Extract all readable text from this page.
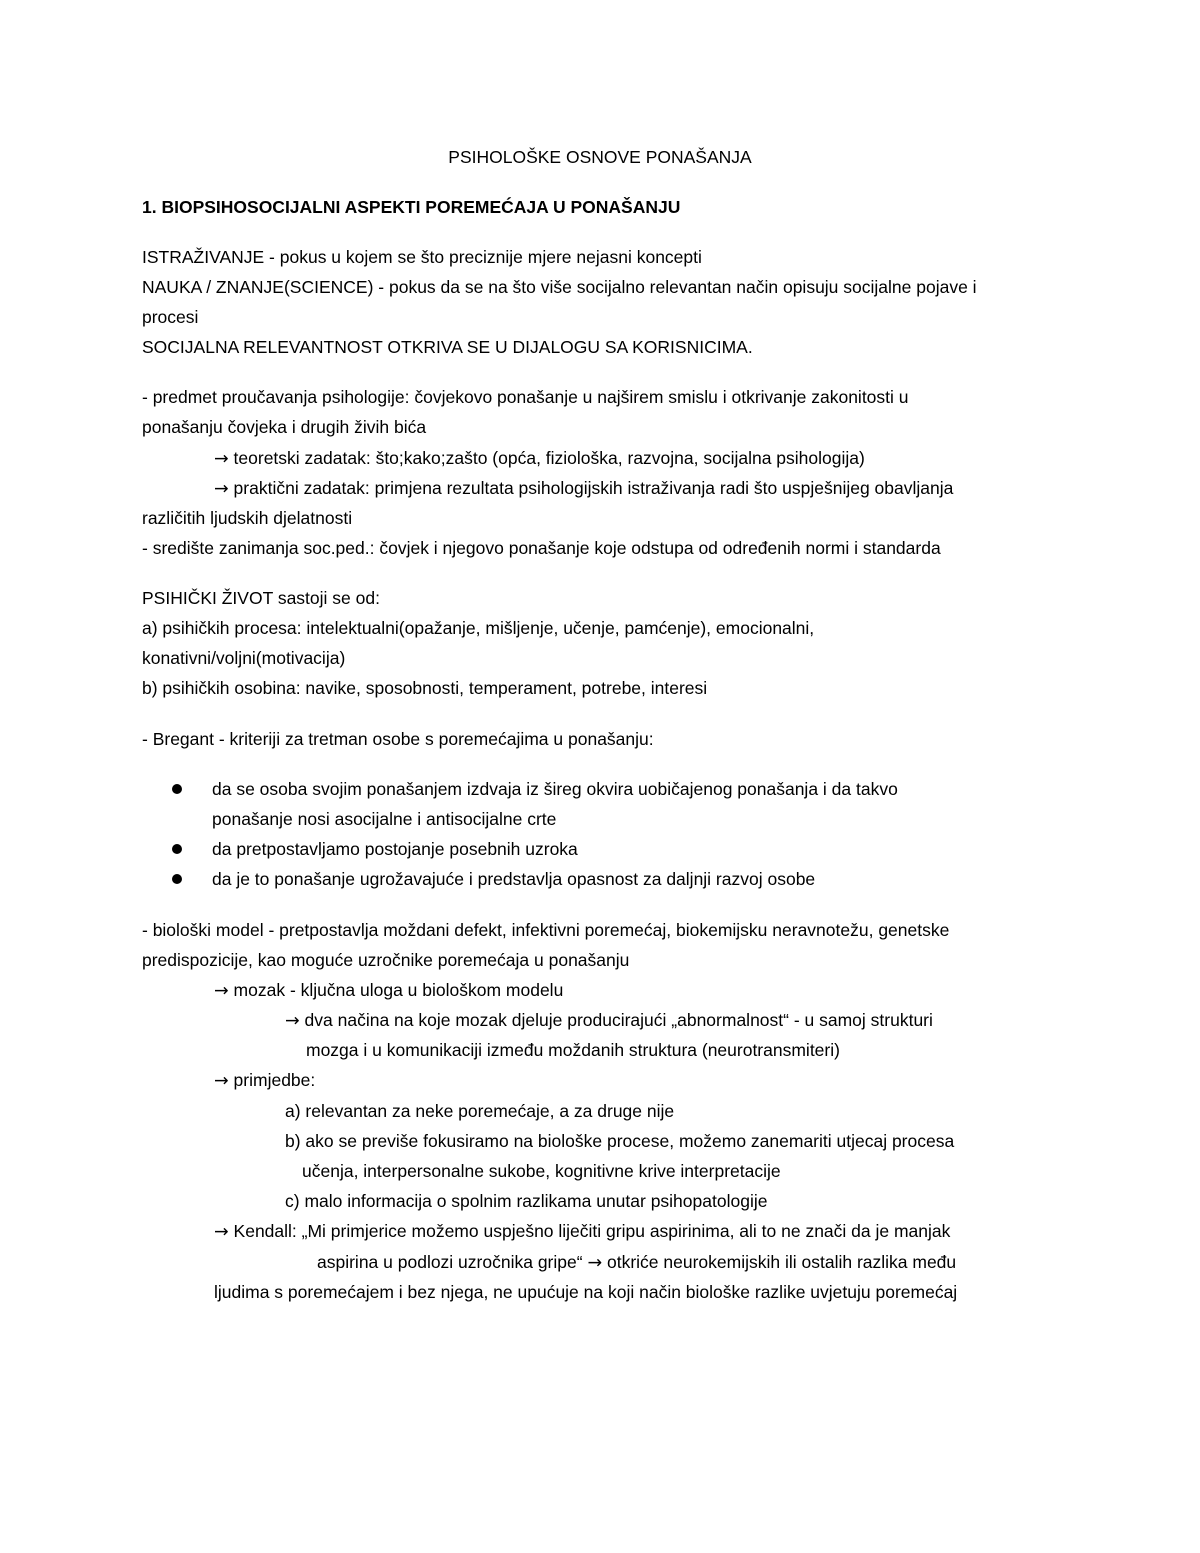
PSIHOLOŠKE OSNOVE PONAŠANJA
1. BIOPSIHOSOCIJALNI ASPEKTI POREMEĆAJA U PONAŠANJU
ISTRAŽIVANJE - pokus u kojem se što preciznije mjere nejasni koncepti
NAUKA / ZNANJE(SCIENCE) - pokus da se na što više socijalno relevantan način opisuju socijalne pojave i
procesi
SOCIJALNA RELEVANTNOST OTKRIVA SE U DIJALOGU SA KORISNICIMA.
- predmet proučavanja psihologije: čovjekovo ponašanje u najširem smislu i otkrivanje zakonitosti u
ponašanju čovjeka i drugih živih bića
→ teoretski zadatak: što;kako;zašto (opća, fiziološka, razvojna, socijalna psihologija)
→ praktični zadatak: primjena rezultata psihologijskih istraživanja radi što uspješnijeg obavljanja
različitih ljudskih djelatnosti
- središte zanimanja soc.ped.: čovjek i njegovo ponašanje koje odstupa od određenih normi i standarda
PSIHIČKI ŽIVOT sastoji se od:
a) psihičkih procesa: intelektualni(opažanje, mišljenje, učenje, pamćenje), emocionalni,
konativni/voljni(motivacija)
b) psihičkih osobina: navike, sposobnosti, temperament, potrebe, interesi
- Bregant - kriteriji za tretman osobe s poremećajima u ponašanju:
da se osoba svojim ponašanjem izdvaja iz šireg okvira uobičajenog ponašanja i da takvo
ponašanje nosi asocijalne i antisocijalne crte
da pretpostavljamo postojanje posebnih uzroka
da je to ponašanje ugrožavajuće i predstavlja opasnost za daljnji razvoj osobe
- biološki model - pretpostavlja moždani defekt, infektivni poremećaj, biokemijsku neravnotežu, genetske
predispozicije, kao moguće uzročnike poremećaja u ponašanju
→ mozak - ključna uloga u biološkom modelu
→ dva načina na koje mozak djeluje producirajući „abnormalnost“ - u samoj strukturi
mozga i u komunikaciji između moždanih struktura (neurotransmiteri)
→ primjedbe:
a) relevantan za neke poremećaje, a za druge nije
b) ako se previše fokusiramo na biološke procese, možemo zanemariti utjecaj procesa
učenja, interpersonalne sukobe, kognitivne krive interpretacije
c) malo informacija o spolnim razlikama unutar psihopatologije
→ Kendall: „Mi primjerice možemo uspješno liječiti gripu aspirinima, ali to ne znači da je manjak
aspirina u podlozi uzročnika gripe“ → otkriće neurokemijskih ili ostalih razlika među
ljudima s poremećajem i bez njega, ne upućuje na koji način biološke razlike uvjetuju poremećaj
